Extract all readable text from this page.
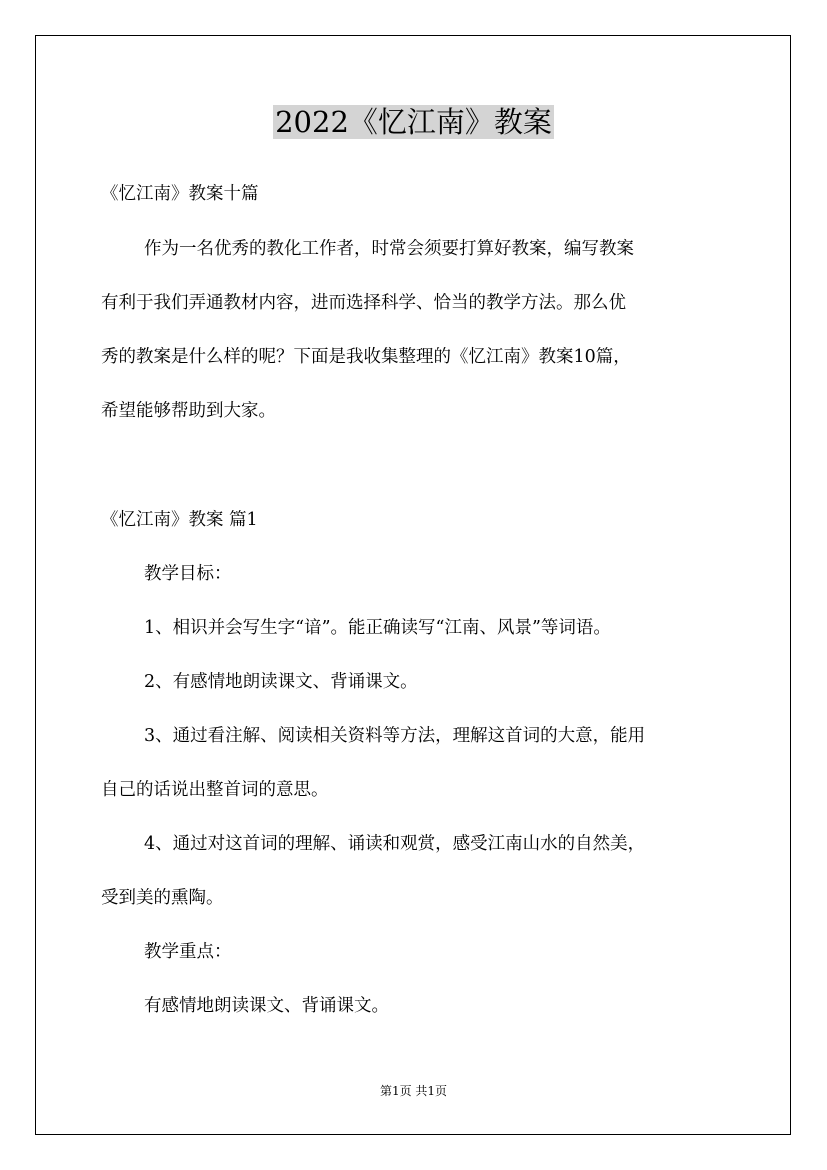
2022《忆江南》教案
《忆江南》教案十篇
作为一名优秀的教化工作者，时常会须要打算好教案，编写教案
有利于我们弄通教材内容，进而选择科学、恰当的教学方法。那么优
秀的教案是什么样的呢？下面是我收集整理的《忆江南》教案10篇，
希望能够帮助到大家。
《忆江南》教案 篇1
教学目标：
1、相识并会写生字“谙”。能正确读写“江南、风景”等词语。
2、有感情地朗读课文、背诵课文。
3、通过看注解、阅读相关资料等方法，理解这首词的大意，能用
自己的话说出整首词的意思。
4、通过对这首词的理解、诵读和观赏，感受江南山水的自然美，
受到美的熏陶。
教学重点：
有感情地朗读课文、背诵课文。
第1页 共1页
